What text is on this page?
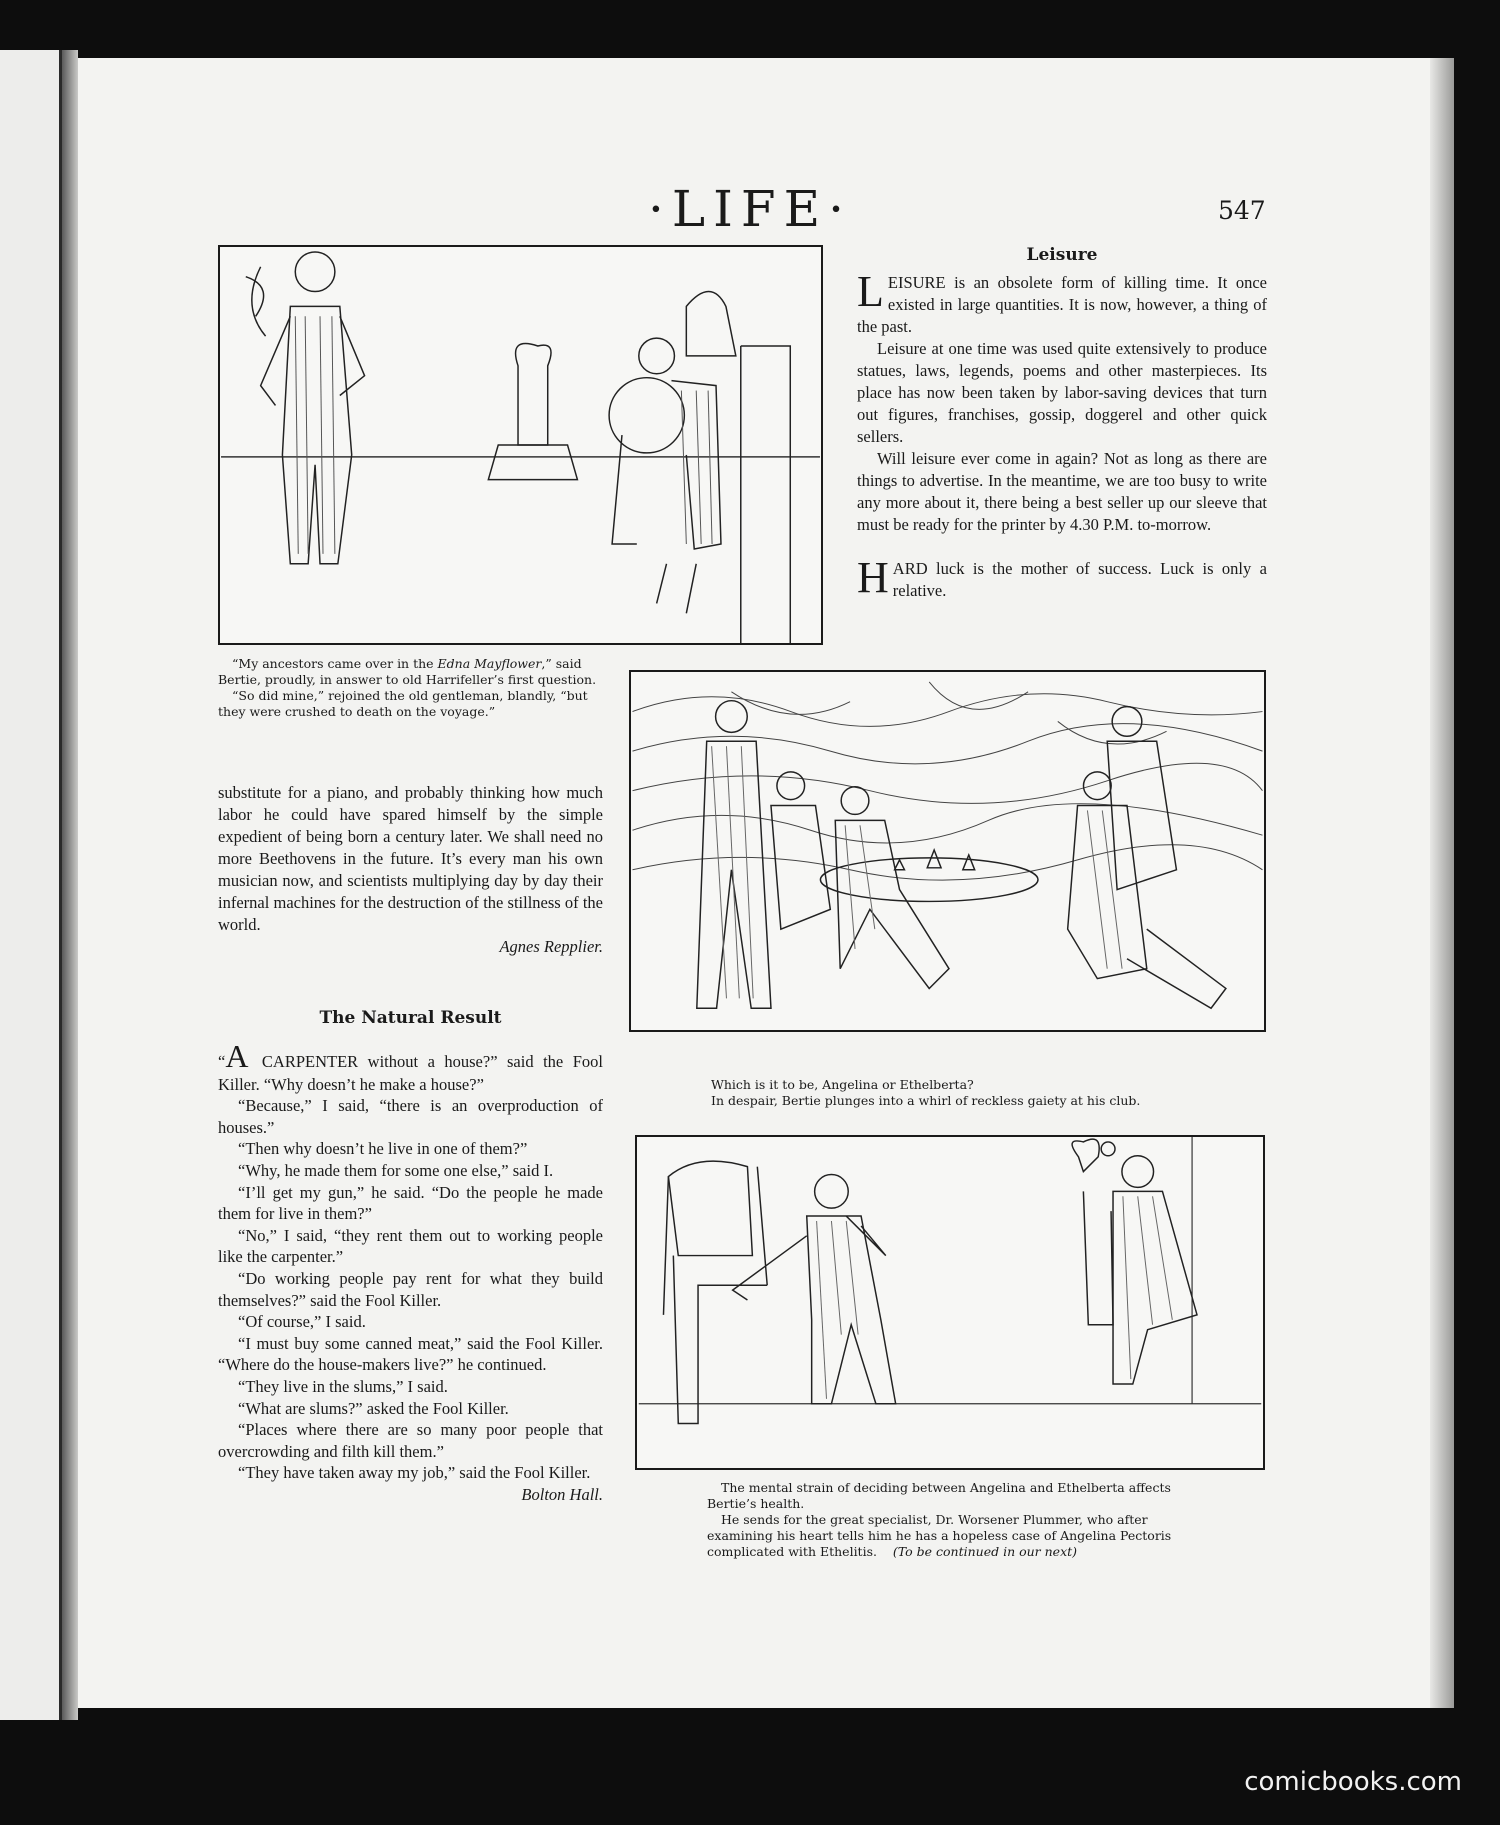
·LIFE·	547

“My ancestors came over in the Edna Mayflower,” said Bertie, proudly, in answer to old Harrifeller’s first question.

“So did mine,” rejoined the old gentleman, blandly, “but they were crushed to death on the voyage.”

Leisure

LEISURE is an obsolete form of killing time. It once existed in large quantities. It is now, however, a thing of the past.

Leisure at one time was used quite extensively to produce statues, laws, legends, poems and other masterpieces. Its place has now been taken by labor-saving devices that turn out figures, franchises, gossip, doggerel and other quick sellers.

Will leisure ever come in again? Not as long as there are things to advertise. In the meantime, we are too busy to write any more about it, there being a best seller up our sleeve that must be ready for the printer by 4.30 P.M. to-morrow.

HARD luck is the mother of success. Luck is only a relative.

Which is it to be, Angelina or Ethelberta?

In despair, Bertie plunges into a whirl of reckless gaiety at his club.

substitute for a piano, and probably thinking how much labor he could have spared himself by the simple expedient of being born a century later. We shall need no more Beethovens in the future. It’s every man his own musician now, and scientists multiplying day by day their infernal machines for the destruction of the stillness of the world.

Agnes Repplier.

The Natural Result

“A CARPENTER without a house?” said the Fool Killer. “Why doesn’t he make a house?”

“Because,” I said, “there is an overproduction of houses.”

“Then why doesn’t he live in one of them?”

“Why, he made them for some one else,” said I.

“I’ll get my gun,” he said. “Do the people he made them for live in them?”

“No,” I said, “they rent them out to working people like the carpenter.”

“Do working people pay rent for what they build themselves?” said the Fool Killer.

“Of course,” I said.

“I must buy some canned meat,” said the Fool Killer. “Where do the house-makers live?” he continued.

“They live in the slums,” I said.

“What are slums?” asked the Fool Killer.

“Places where there are so many poor people that overcrowding and filth kill them.”

“They have taken away my job,” said the Fool Killer.
Bolton Hall.	The mental strain of deciding between Angelina and Ethelberta affects Bertie’s health.

He sends for the great specialist, Dr. Worsener Plummer, who after examining his heart tells him he has a hopeless case of Angelina Pectoris complicated with Ethelitis. (To be continued in our next)

comicbooks.com
